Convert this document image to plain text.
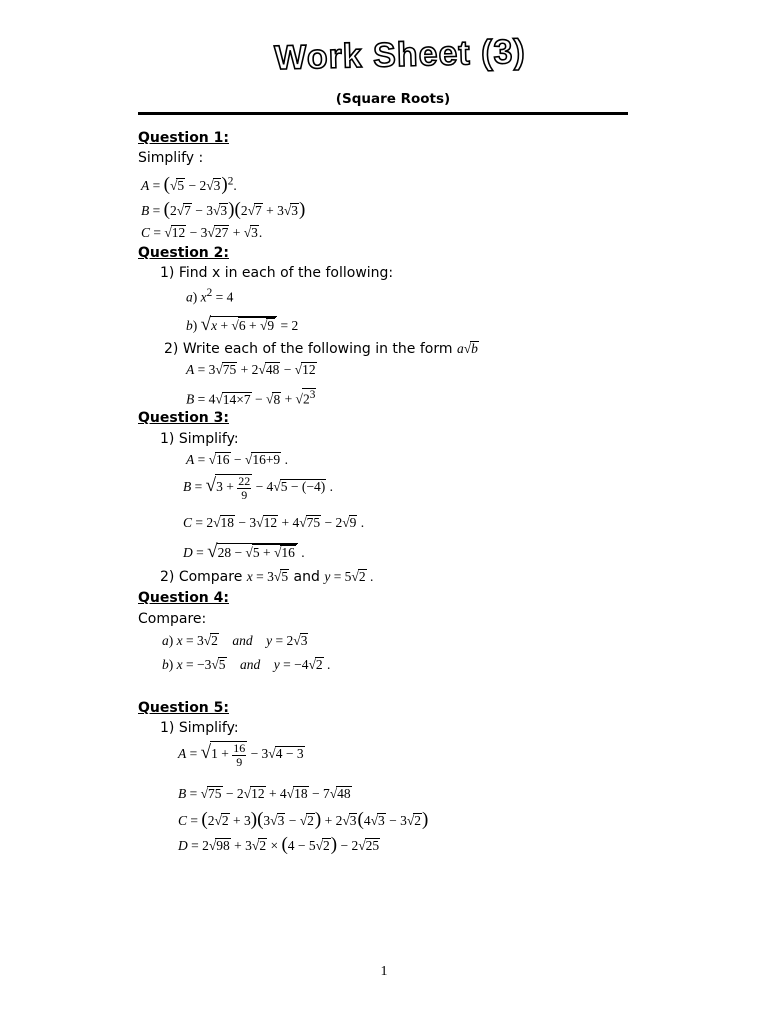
Work Sheet (3)
(Square Roots)
Question 1:
Simplify :
$A = (√5 - 2√3)^2$.
B = (2√7 − 3√3)(2√7 + 3√3)
C = √12 − 3√27 + √3.
Question 2:
1) Find x in each of the following:
a) $x^2 = 4$
b) √x + √6 + √9 = 2
2) Write each of the following in the form a√b
A = 3√75 + 2√48 − √12
$B = 4√14\times 7 - √8 + √2^3$
Question 3:
1) Simplify:
A = √16 − √16+9 .
$B = √3 + \frac{22}{9} - 4√5 - (-4)$ .
C = 2√18 − 3√12 + 4√75 − 2√9 .
D = √28 − √5 + √16 .
2) Compare x = 3√5 and y = 5√2 .
Question 4:
Compare:
a) x = 3√2 and y = 2√3
b) x = −3√5 and y = −4√2 .
Question 5:
1) Simplify:
$A = √1 + \frac{16}{9} - 3√4 - 3$
B = √75 − 2√12 + 4√18 − 7√48
C = (2√2 + 3)(3√3 − √2) + 2√3(4√3 − 3√2)
D = 2√98 + 3√2 × (4 − 5√2) − 2√25
1
